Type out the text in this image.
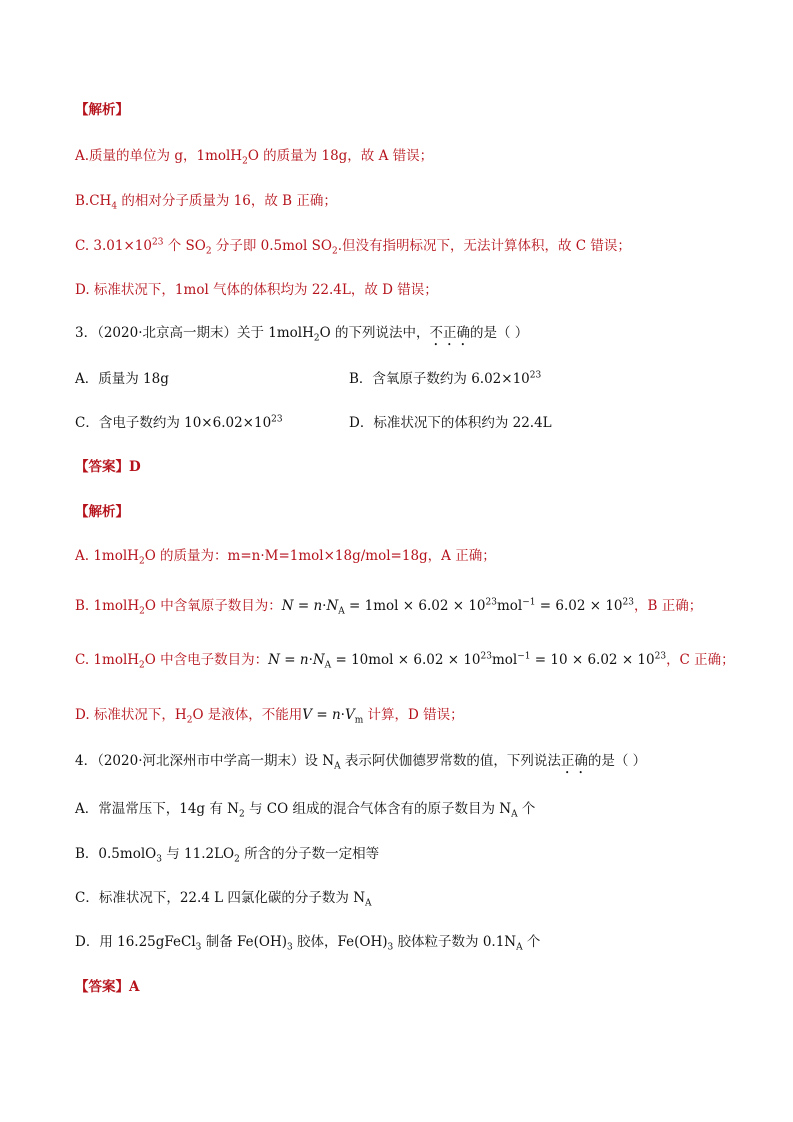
【解析】
A.质量的单位为 g，1molH$_2$O 的质量为 18g，故 A 错误；
$B.CH_4$ 的相对分子质量为 16，故 B 正确；
C. $3.01\times 10^{23}$ 个 $SO_2$ 分子即 0.5mol $SO_2$.但没有指明标况下，无法计算体积，故 C 错误；
D. 标准状况下，1mol 气体的体积均为 22.4L，故 D 错误；
3．（2020·北京高一期末）关于 1molH$_2$O 的下列说法中，不正确的是（ ）
A．质量为 18g	B．含氧原子数约为 $6.02\times 10^{23}$
C．含电子数约为 $10\times 6.02\times 10^{23}$	D．标准状况下的体积约为 22.4L
【答案】D
【解析】
A. 1molH$_2$O 的质量为：m=n·M=1mol×18g/mol=18g，A 正确；
B. 1molH$_2$O 中含氧原子数目为：$N = n\cdot N_A = 1mol \times 6.02 \times 10^{23}mol^{-1} = 6.02 \times 10^{23}$，B 正确；
C. 1molH$_2$O 中含电子数目为：$N = n\cdot N_A = 10mol \times 6.02 \times 10^{23}mol^{-1} = 10 \times 6.02 \times 10^{23}$，C 正确；
D. 标准状况下，$H_2O$ 是液体，不能用$V = n\cdot V_m$ 计算，D 错误；
4．（2020·河北深州市中学高一期末）设 $N_A$ 表示阿伏伽德罗常数的值，下列说法正确的是（ ）
A．常温常压下，14g 有 $N_2$ 与 CO 组成的混合气体含有的原子数目为 $N_A$ 个
B．0.5molO$_3$ 与 $11.2LO_2$ 所含的分子数一定相等
C．标准状况下，22.4 L 四氯化碳的分子数为 $N_A$
D．用 16.25gFeCl$_3$ 制备 $Fe(OH)_3$ 胶体，$Fe(OH)_3$ 胶体粒子数为 $0.1N_A$ 个
【答案】A
